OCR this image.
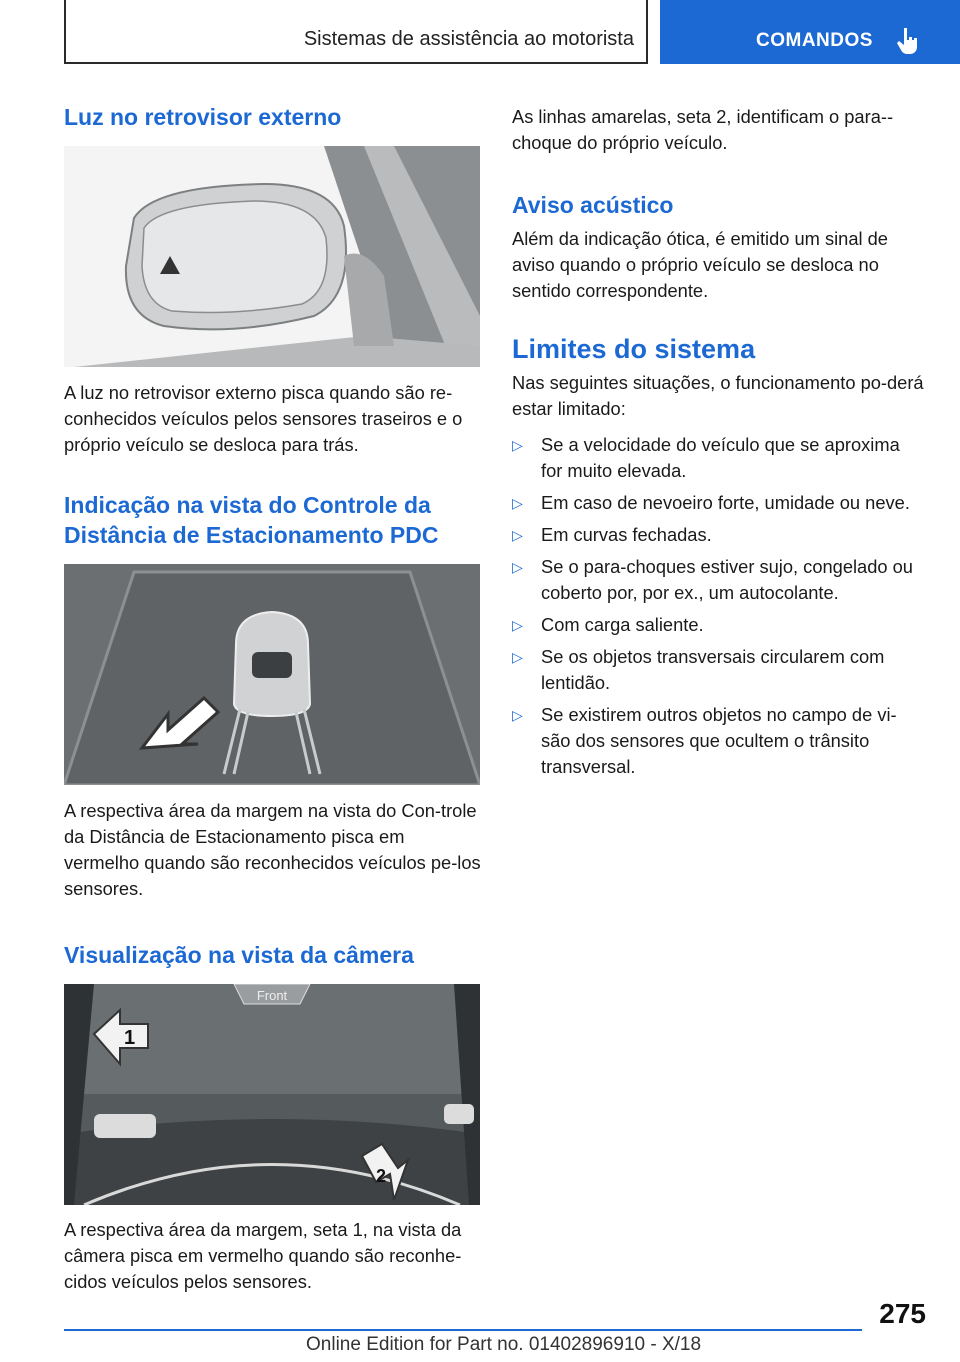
Sistemas de assistência ao motorista	COMANDOS
Luz no retrovisor externo

A luz no retrovisor externo pisca quando são re-conhecidos veículos pelos sensores traseiros e o próprio veículo se desloca para trás.

Indicação na vista do Controle da Distância de Estacionamento PDC

A respectiva área da margem na vista do Con-trole da Distância de Estacionamento pisca em vermelho quando são reconhecidos veículos pe-los sensores.

Visualização na vista da câmera
Front
1
2

A respectiva área da margem, seta 1, na vista da câmera pisca em vermelho quando são reconhe-cidos veículos pelos sensores.

As linhas amarelas, seta 2, identificam o para--choque do próprio veículo.

Aviso acústico

Além da indicação ótica, é emitido um sinal de aviso quando o próprio veículo se desloca no sentido correspondente.

Limites do sistema

Nas seguintes situações, o funcionamento po-derá estar limitado:

▷ Se a velocidade do veículo que se aproxima for muito elevada.
▷ Em caso de nevoeiro forte, umidade ou neve.
▷ Em curvas fechadas.
▷ Se o para-choques estiver sujo, congelado ou coberto por, por ex., um autocolante.
▷ Com carga saliente.
▷ Se os objetos transversais circularem com lentidão.
▷ Se existirem outros objetos no campo de vi-são dos sensores que ocultem o trânsito transversal.
275
Online Edition for Part no. 01402896910 - X/18
